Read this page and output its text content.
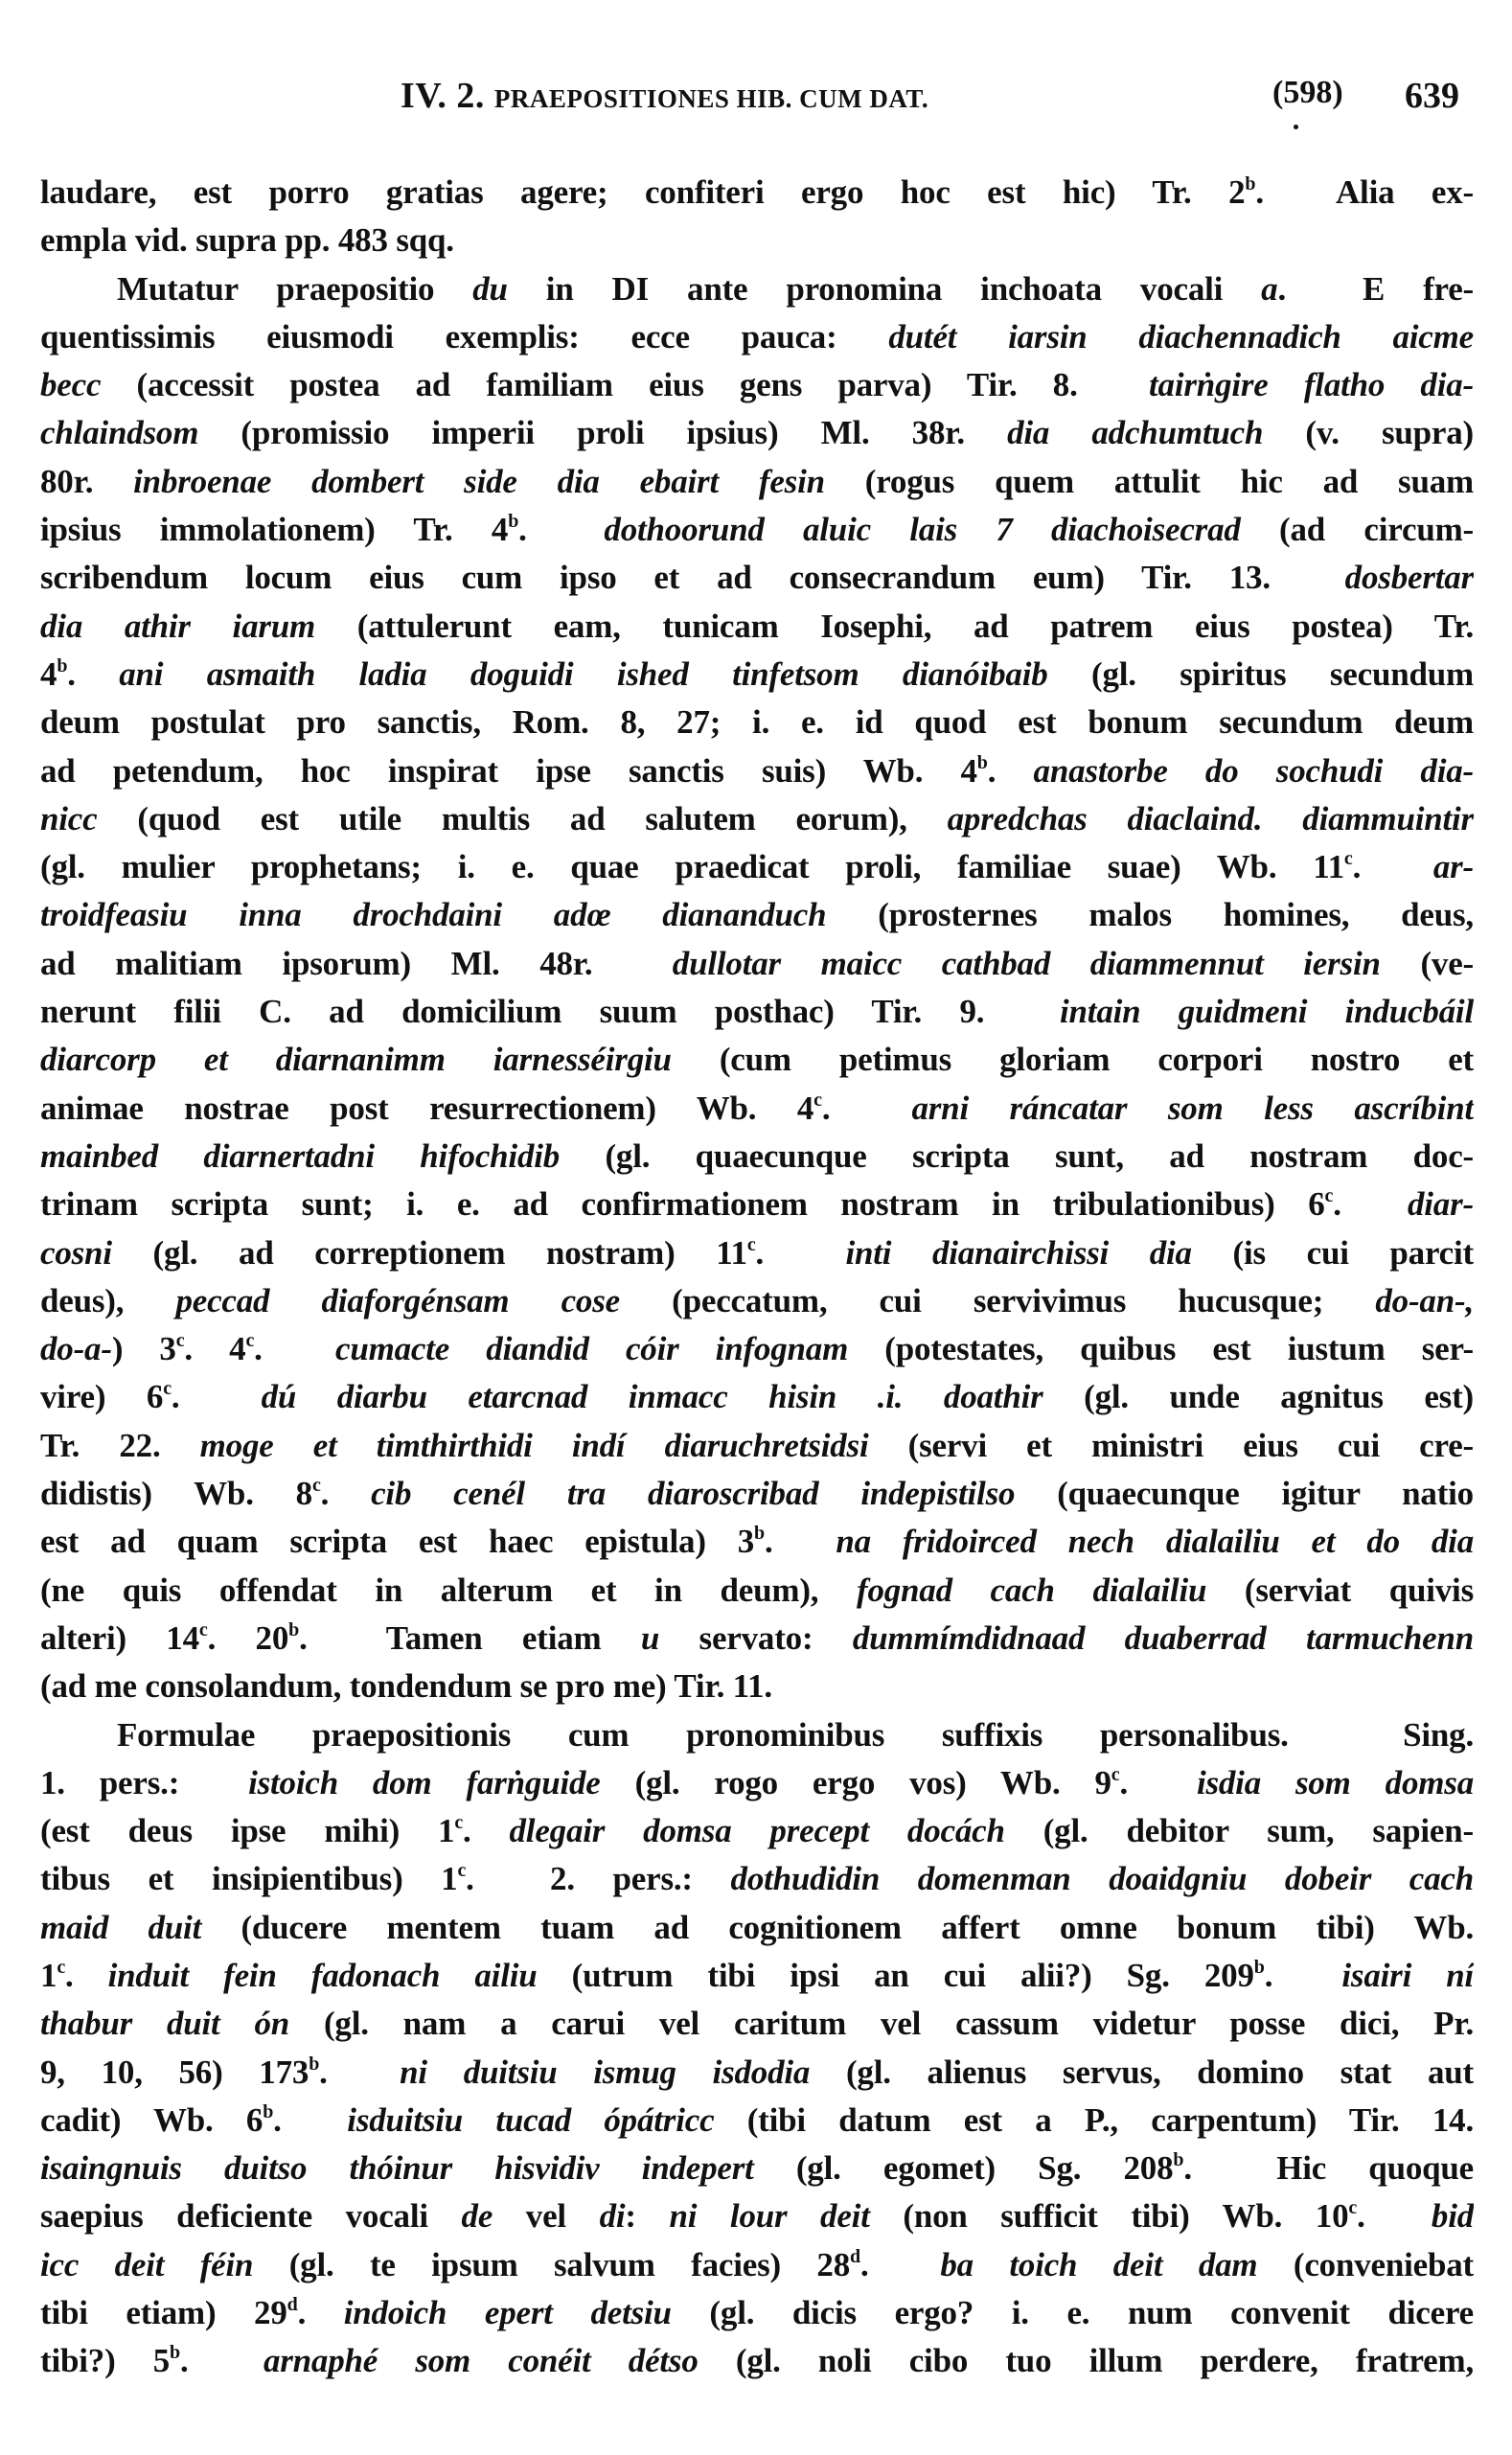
IV. 2. PRAEPOSITIONES HIB. CUM DAT.	(598) 639
laudare, est porro gratias agere; confiteri ergo hoc est hic) Tr. 2$^b$.  Alia ex-
empla vid. supra pp. 483 sqq.
Mutatur praepositio du in DI ante pronomina inchoata vocali a.  E fre-
quentissimis eiusmodi exemplis: ecce pauca: dutét iarsin diachennadich aicme
becc (accessit postea ad familiam eius gens parva) Tir. 8.  tairṅgire flatho dia-
chlaindsom (promissio imperii proli ipsius) Ml. 38r. dia adchumtuch (v. supra)
80r. inbroenae dombert side dia ebairt fesin (rogus quem attulit hic ad suam
ipsius immolationem) Tr. 4$^b$.  dothoorund aluic lais 7 diachoisecrad (ad circum-
scribendum locum eius cum ipso et ad consecrandum eum) Tir. 13.  dosbertar
dia athir iarum (attulerunt eam, tunicam Iosephi, ad patrem eius postea) Tr.
4$^b$. ani asmaith ladia doguidi ished tinfetsom dianóibaib (gl. spiritus secundum
deum postulat pro sanctis, Rom. 8, 27; i. e. id quod est bonum secundum deum
ad petendum, hoc inspirat ipse sanctis suis) Wb. 4$^b$. anastorbe do sochudi dia-
nicc (quod est utile multis ad salutem eorum), apredchas diaclaind. diammuintir
(gl. mulier prophetans; i. e. quae praedicat proli, familiae suae) Wb. 11$^c$.  ar-
troidfeasiu inna drochdaini adœ diananduch (prosternes malos homines, deus,
ad malitiam ipsorum) Ml. 48r.  dullotar maicc cathbad diammennut iersin (ve-
nerunt filii C. ad domicilium suum posthac) Tir. 9.  intain guidmeni inducbáil
diarcorp et diarnanimm iarnesséirgiu (cum petimus gloriam corpori nostro et
animae nostrae post resurrectionem) Wb. 4$^c$.  arni ráncatar som less ascríbint
mainbed diarnertadni hifochidib (gl. quaecunque scripta sunt, ad nostram doc-
trinam scripta sunt; i. e. ad confirmationem nostram in tribulationibus) 6$^c$.  diar-
cosni (gl. ad correptionem nostram) 11$^c$.  inti dianairchissi dia (is cui parcit
deus), peccad diaforgénsam cose (peccatum, cui servivimus hucusque; do-an-,
do-a-) 3$^c$. 4$^c$.  cumacte diandid cóir infognam (potestates, quibus est iustum ser-
vire) 6$^c$.  dú diarbu etarcnad inmacc hisin .i. doathir (gl. unde agnitus est)
Tr. 22. moge et timthirthidi indí diaruchretsidsi (servi et ministri eius cui cre-
didistis) Wb. 8$^c$. cib cenél tra diaroscribad indepistilso (quaecunque igitur natio
est ad quam scripta est haec epistula) 3$^b$.  na fridoirced nech dialailiu et do dia
(ne quis offendat in alterum et in deum), fognad cach dialailiu (serviat quivis
alteri) 14$^c$. 20$^b$.  Tamen etiam u servato: dummímdidnaad duaberrad tarmuchenn
(ad me consolandum, tondendum se pro me) Tir. 11.
Formulae praepositionis cum pronominibus suffixis personalibus.  Sing.
1. pers.:  istoich dom farṅguide (gl. rogo ergo vos) Wb. 9$^c$.  isdia som domsa
(est deus ipse mihi) 1$^c$. dlegair domsa precept docách (gl. debitor sum, sapien-
tibus et insipientibus) 1$^c$.  2. pers.: dothudidin domenman doaidgniu dobeir cach
maid duit (ducere mentem tuam ad cognitionem affert omne bonum tibi) Wb.
1$^c$. induit fein fadonach ailiu (utrum tibi ipsi an cui alii?) Sg. 209$^b$.  isairi ní
thabur duit ón (gl. nam a carui vel caritum vel cassum videtur posse dici, Pr.
9, 10, 56) 173$^b$.  ni duitsiu ismug isdodia (gl. alienus servus, domino stat aut
cadit) Wb. 6$^b$.  isduitsiu tucad ópátricc (tibi datum est a P., carpentum) Tir. 14.
isaingnuis duitso thóinur hisvidiv indepert (gl. egomet) Sg. 208$^b$.  Hic quoque
saepius deficiente vocali de vel di: ni lour deit (non sufficit tibi) Wb. 10$^c$.  bid
icc deit féin (gl. te ipsum salvum facies) 28$^d$.  ba toich deit dam (conveniebat
tibi etiam) 29$^d$. indoich epert detsiu (gl. dicis ergo? i. e. num convenit dicere
tibi?) 5$^b$.  arnaphé som conéit détso (gl. noli cibo tuo illum perdere, fratrem,
